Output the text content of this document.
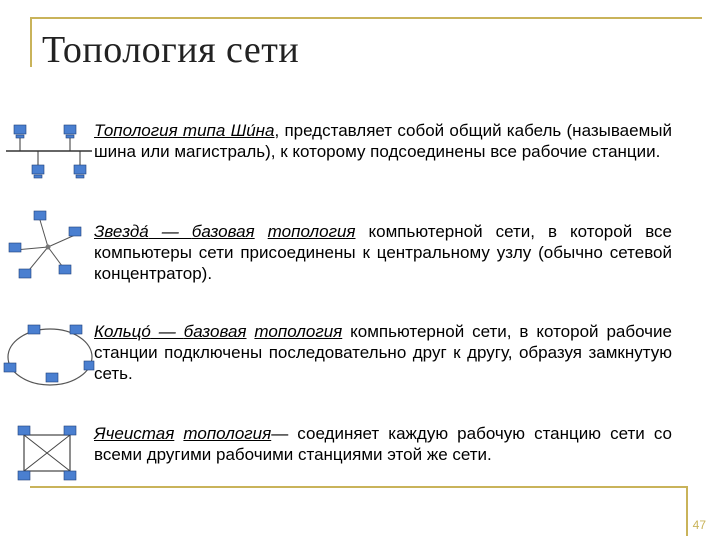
Топология сети
Топология типа Ши́на, представляет собой общий кабель (называемый шина или магистраль), к которому подсоединены все рабочие станции.
Звезда́ — базовая топология компьютерной сети, в которой все компьютеры сети присоединены к центральному узлу (обычно сетевой концентратор).
Кольцо́ — базовая топология компьютерной сети, в которой рабочие станции подключены последовательно друг к другу, образуя замкнутую сеть.
Ячеистая топология— соединяет каждую рабочую станцию сети со всеми другими рабочими станциями этой же сети.
47
